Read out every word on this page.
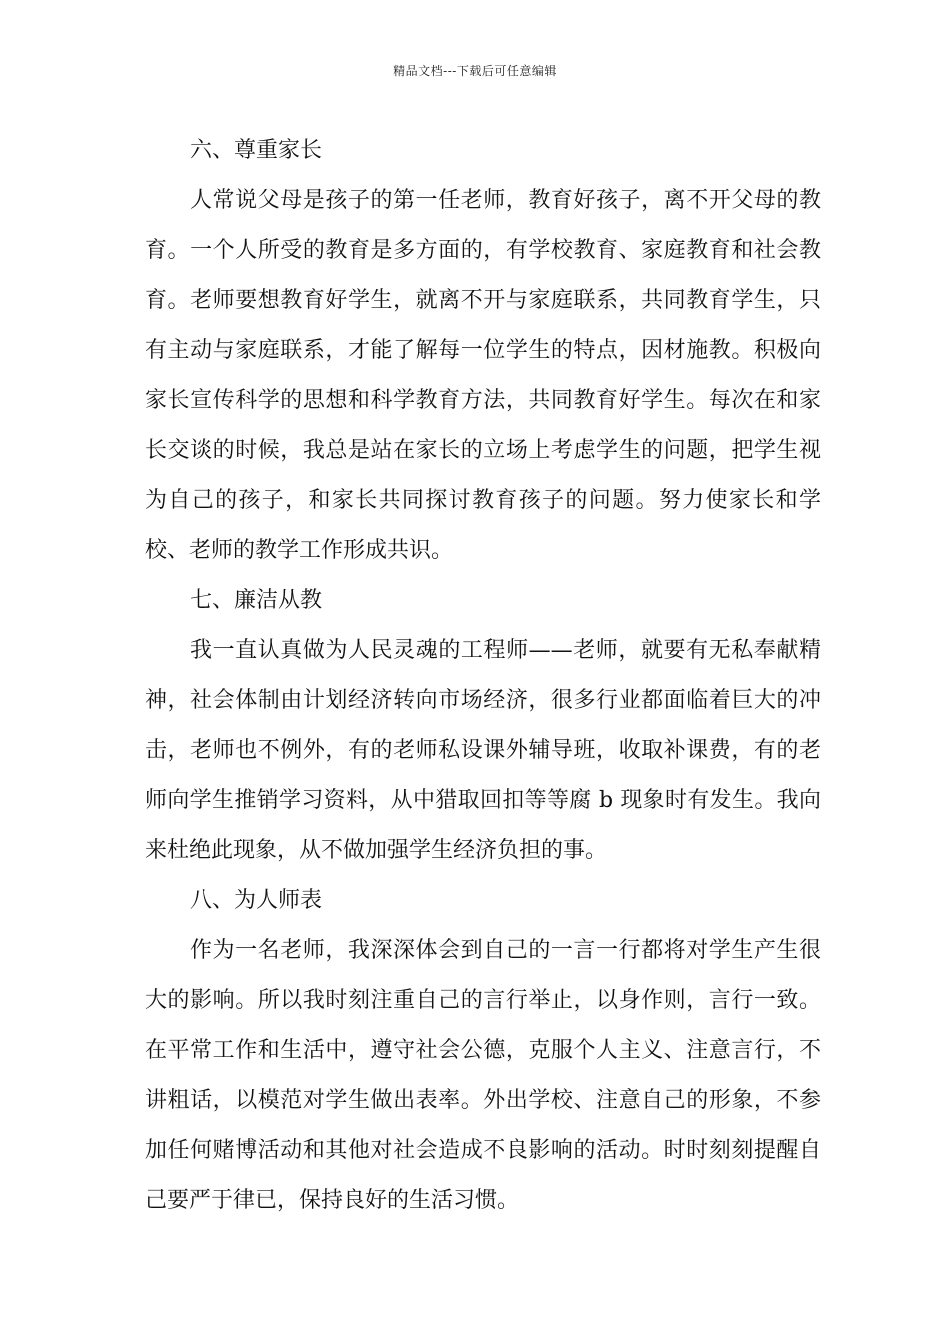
精品文档---下载后可任意编辑

六、尊重家长

人常说父母是孩子的第一任老师，教育好孩子，离不开父母的教育。一个人所受的教育是多方面的，有学校教育、家庭教育和社会教育。老师要想教育好学生，就离不开与家庭联系，共同教育学生，只有主动与家庭联系，才能了解每一位学生的特点，因材施教。积极向家长宣传科学的思想和科学教育方法，共同教育好学生。每次在和家长交谈的时候，我总是站在家长的立场上考虑学生的问题，把学生视为自己的孩子，和家长共同探讨教育孩子的问题。努力使家长和学校、老师的教学工作形成共识。

七、廉洁从教

我一直认真做为人民灵魂的工程师——老师，就要有无私奉献精神，社会体制由计划经济转向市场经济，很多行业都面临着巨大的冲击，老师也不例外，有的老师私设课外辅导班，收取补课费，有的老师向学生推销学习资料，从中猎取回扣等等腐 b 现象时有发生。我向来杜绝此现象，从不做加强学生经济负担的事。

八、为人师表

作为一名老师，我深深体会到自己的一言一行都将对学生产生很大的影响。所以我时刻注重自己的言行举止，以身作则，言行一致。在平常工作和生活中，遵守社会公德，克服个人主义、注意言行，不讲粗话，以模范对学生做出表率。外出学校、注意自己的形象，不参加任何赌博活动和其他对社会造成不良影响的活动。时时刻刻提醒自己要严于律已，保持良好的生活习惯。
